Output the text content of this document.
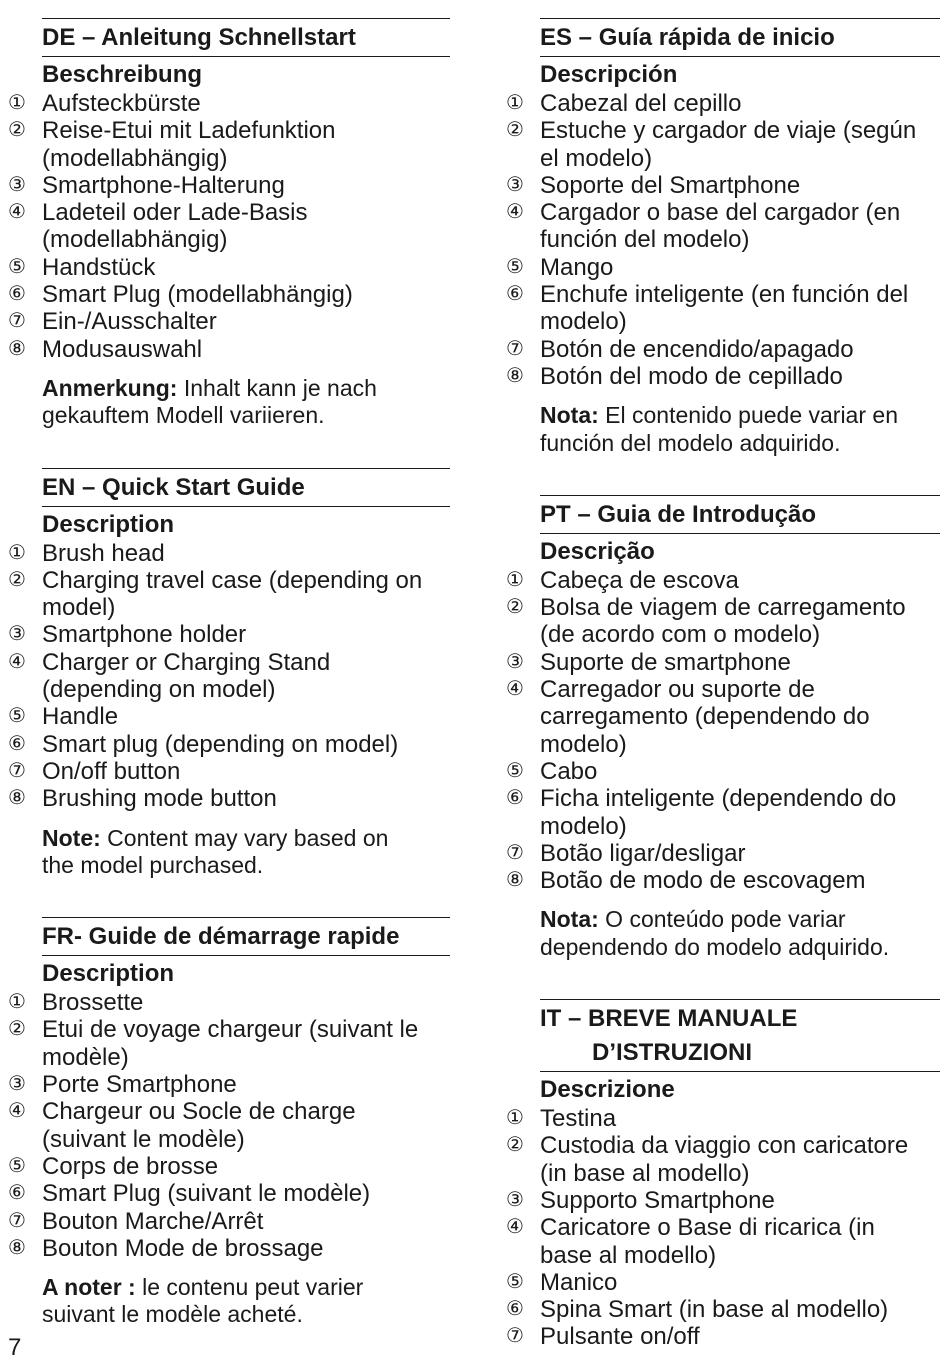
DE – Anleitung Schnellstart
Beschreibung
① Aufsteckbürste
② Reise-Etui mit Ladefunktion
(modellabhängig)
③ Smartphone-Halterung
④ Ladeteil oder Lade-Basis
(modellabhängig)
⑤ Handstück
⑥ Smart Plug (modellabhängig)
⑦ Ein-/Ausschalter
⑧ Modusauswahl
Anmerkung: Inhalt kann je nach
gekauftem Modell variieren.
EN – Quick Start Guide
Description
① Brush head
② Charging travel case (depending on
model)
③ Smartphone holder
④ Charger or Charging Stand
(depending on model)
⑤ Handle
⑥ Smart plug (depending on model)
⑦ On/off button
⑧ Brushing mode button
Note: Content may vary based on
the model purchased.
FR- Guide de démarrage rapide
Description
① Brossette
② Etui de voyage chargeur (suivant le
modèle)
③ Porte Smartphone
④ Chargeur ou Socle de charge
(suivant le modèle)
⑤ Corps de brosse
⑥ Smart Plug (suivant le modèle)
⑦ Bouton Marche/Arrêt
⑧ Bouton Mode de brossage
A noter : le contenu peut varier
suivant le modèle acheté.
ES – Guía rápida de inicio
Descripción
① Cabezal del cepillo
② Estuche y cargador de viaje (según
el modelo)
③ Soporte del Smartphone
④ Cargador o base del cargador (en
función del modelo)
⑤ Mango
⑥ Enchufe inteligente (en función del
modelo)
⑦ Botón de encendido/apagado
⑧ Botón del modo de cepillado
Nota: El contenido puede variar en
función del modelo adquirido.
PT – Guia de Introdução
Descrição
① Cabeça de escova
② Bolsa de viagem de carregamento
(de acordo com o modelo)
③ Suporte de smartphone
④ Carregador ou suporte de
carregamento (dependendo do
modelo)
⑤ Cabo
⑥ Ficha inteligente (dependendo do
modelo)
⑦ Botão ligar/desligar
⑧ Botão de modo de escovagem
Nota: O conteúdo pode variar
dependendo do modelo adquirido.
IT – BREVE MANUALE
D’ISTRUZIONI
Descrizione
① Testina
② Custodia da viaggio con caricatore
(in base al modello)
③ Supporto Smartphone
④ Caricatore o Base di ricarica (in
base al modello)
⑤ Manico
⑥ Spina Smart (in base al modello)
⑦ Pulsante on/off
7
